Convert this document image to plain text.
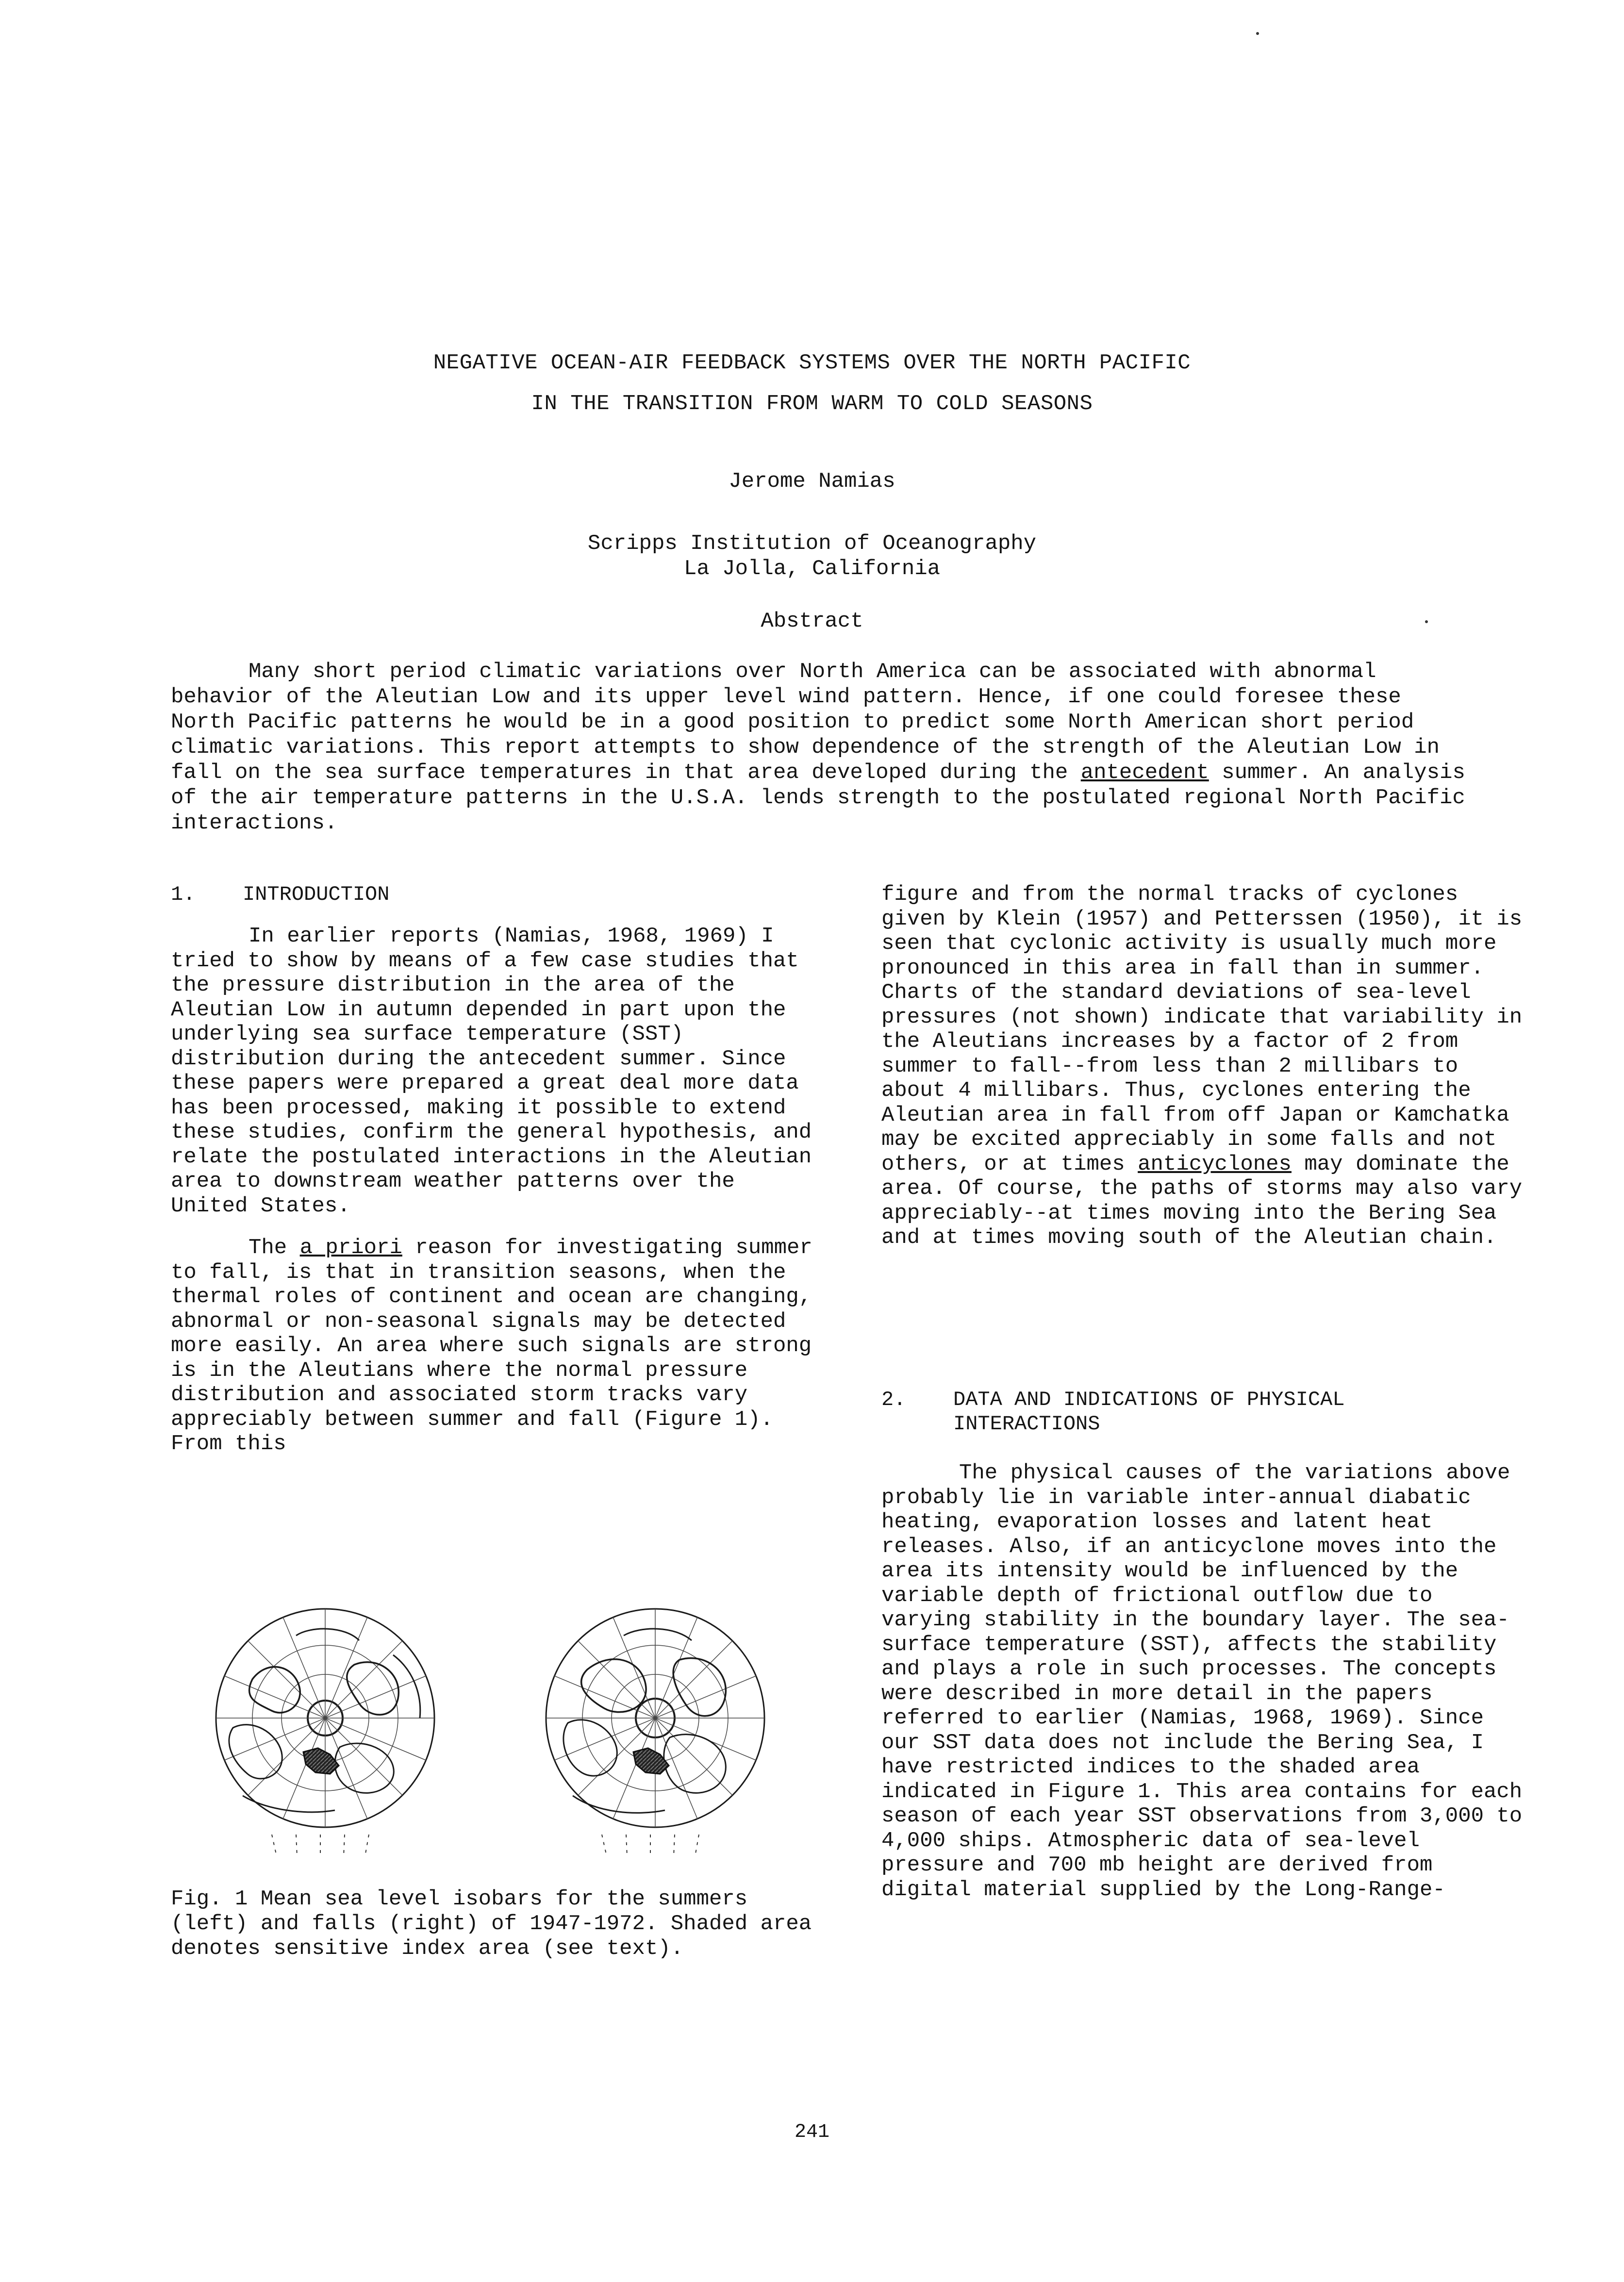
NEGATIVE OCEAN-AIR FEEDBACK SYSTEMS OVER THE NORTH PACIFIC
IN THE TRANSITION FROM WARM TO COLD SEASONS
Jerome Namias
Scripps Institution of Oceanography
La Jolla, California
Abstract

Many short period climatic variations over North America can be associated with abnormal behavior of the Aleutian Low and its upper level wind pattern. Hence, if one could foresee these North Pacific patterns he would be in a good position to predict some North American short period climatic variations. This report attempts to show dependence of the strength of the Aleutian Low in fall on the sea surface temperatures in that area developed during the antecedent summer. An analysis of the air temperature patterns in the U.S.A. lends strength to the postulated regional North Pacific interactions.

1. INTRODUCTION

In earlier reports (Namias, 1968, 1969) I tried to show by means of a few case studies that the pressure distribution in the area of the Aleutian Low in autumn depended in part upon the underlying sea surface temperature (SST) distribution during the antecedent summer. Since these papers were prepared a great deal more data has been processed, making it possible to extend these studies, confirm the general hypothesis, and relate the postulated interactions in the Aleutian area to downstream weather patterns over the United States.

The a priori reason for investigating summer to fall, is that in transition seasons, when the thermal roles of continent and ocean are changing, abnormal or non-seasonal signals may be detected more easily. An area where such signals are strong is in the Aleutians where the normal pressure distribution and associated storm tracks vary appreciably between summer and fall (Figure 1). From this

Fig. 1 Mean sea level isobars for the summers (left) and falls (right) of 1947-1972. Shaded area denotes sensitive index area (see text).

figure and from the normal tracks of cyclones given by Klein (1957) and Petterssen (1950), it is seen that cyclonic activity is usually much more pronounced in this area in fall than in summer. Charts of the standard deviations of sea-level pressures (not shown) indicate that variability in the Aleutians increases by a factor of 2 from summer to fall--from less than 2 millibars to about 4 millibars. Thus, cyclones entering the Aleutian area in fall from off Japan or Kamchatka may be excited appreciably in some falls and not others, or at times anticyclones may dominate the area. Of course, the paths of storms may also vary appreciably--at times moving into the Bering Sea and at times moving south of the Aleutian chain.

2. DATA AND INDICATIONS OF PHYSICAL INTERACTIONS

The physical causes of the variations above probably lie in variable inter-annual diabatic heating, evaporation losses and latent heat releases. Also, if an anticyclone moves into the area its intensity would be influenced by the variable depth of frictional outflow due to varying stability in the boundary layer. The sea-surface temperature (SST), affects the stability and plays a role in such processes. The concepts were described in more detail in the papers referred to earlier (Namias, 1968, 1969). Since our SST data does not include the Bering Sea, I have restricted indices to the shaded area indicated in Figure 1. This area contains for each season of each year SST observations from 3,000 to 4,000 ships. Atmospheric data of sea-level pressure and 700 mb height are derived from digital material supplied by the Long-Range-

241
